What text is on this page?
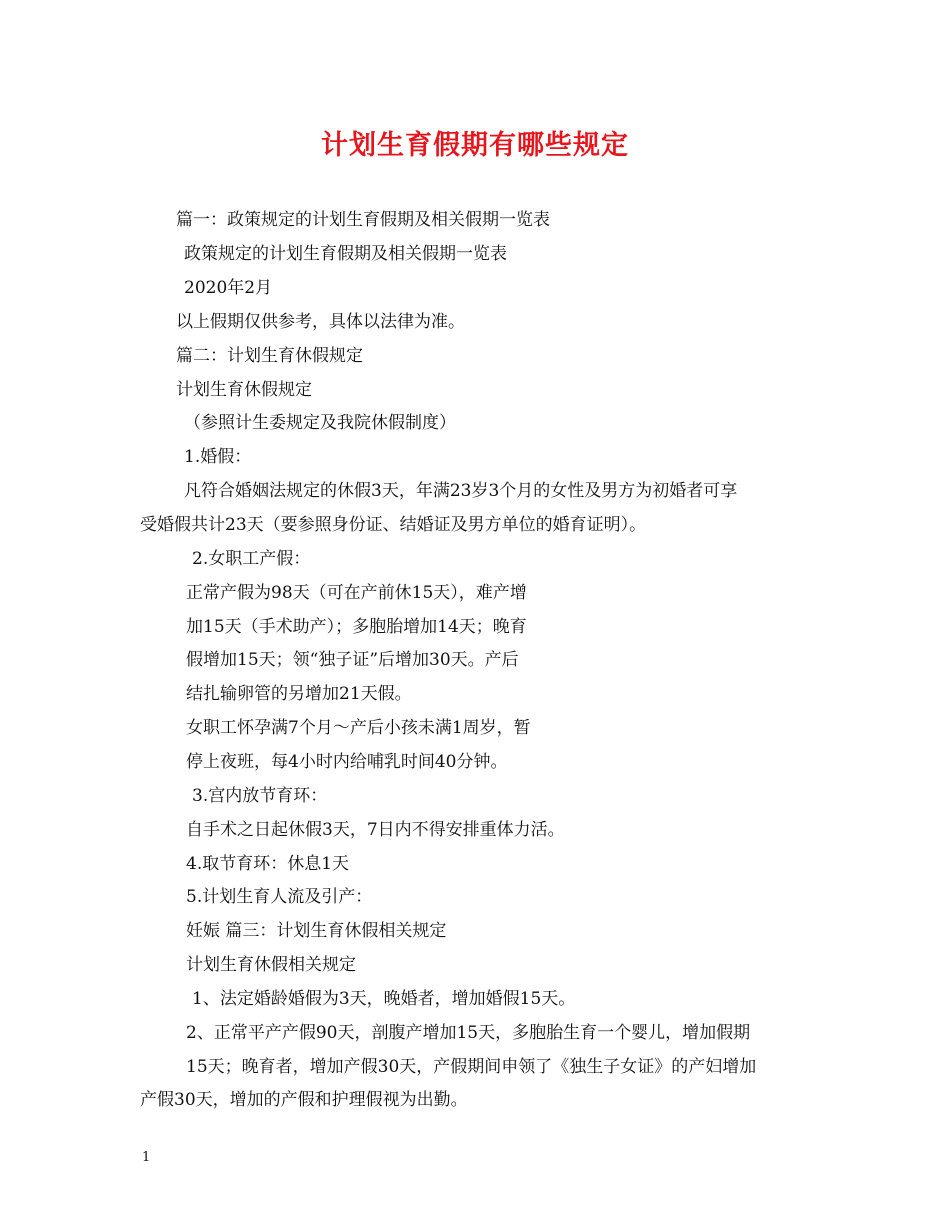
计划生育假期有哪些规定
篇一：政策规定的计划生育假期及相关假期一览表
政策规定的计划生育假期及相关假期一览表
2020年2月
以上假期仅供参考，具体以法律为准。
篇二：计划生育休假规定
计划生育休假规定
（参照计生委规定及我院休假制度）
1.婚假：
凡符合婚姻法规定的休假3天，年满23岁3个月的女性及男方为初婚者可享
受婚假共计23天（要参照身份证、结婚证及男方单位的婚育证明）。
2.女职工产假：
正常产假为98天（可在产前休15天），难产增
加15天（手术助产）；多胞胎增加14天；晚育
假增加15天；领“独子证”后增加30天。产后
结扎输卵管的另增加21天假。
女职工怀孕满7个月～产后小孩未满1周岁，暂
停上夜班，每4小时内给哺乳时间40分钟。
3.宫内放节育环：
自手术之日起休假3天，7日内不得安排重体力活。
4.取节育环：休息1天
5.计划生育人流及引产：
妊娠 篇三：计划生育休假相关规定
计划生育休假相关规定
1、法定婚龄婚假为3天，晚婚者，增加婚假15天。
2、正常平产产假90天，剖腹产增加15天，多胞胎生育一个婴儿，增加假期
15天；晚育者，增加产假30天，产假期间申领了《独生子女证》的产妇增加
产假30天，增加的产假和护理假视为出勤。
1
